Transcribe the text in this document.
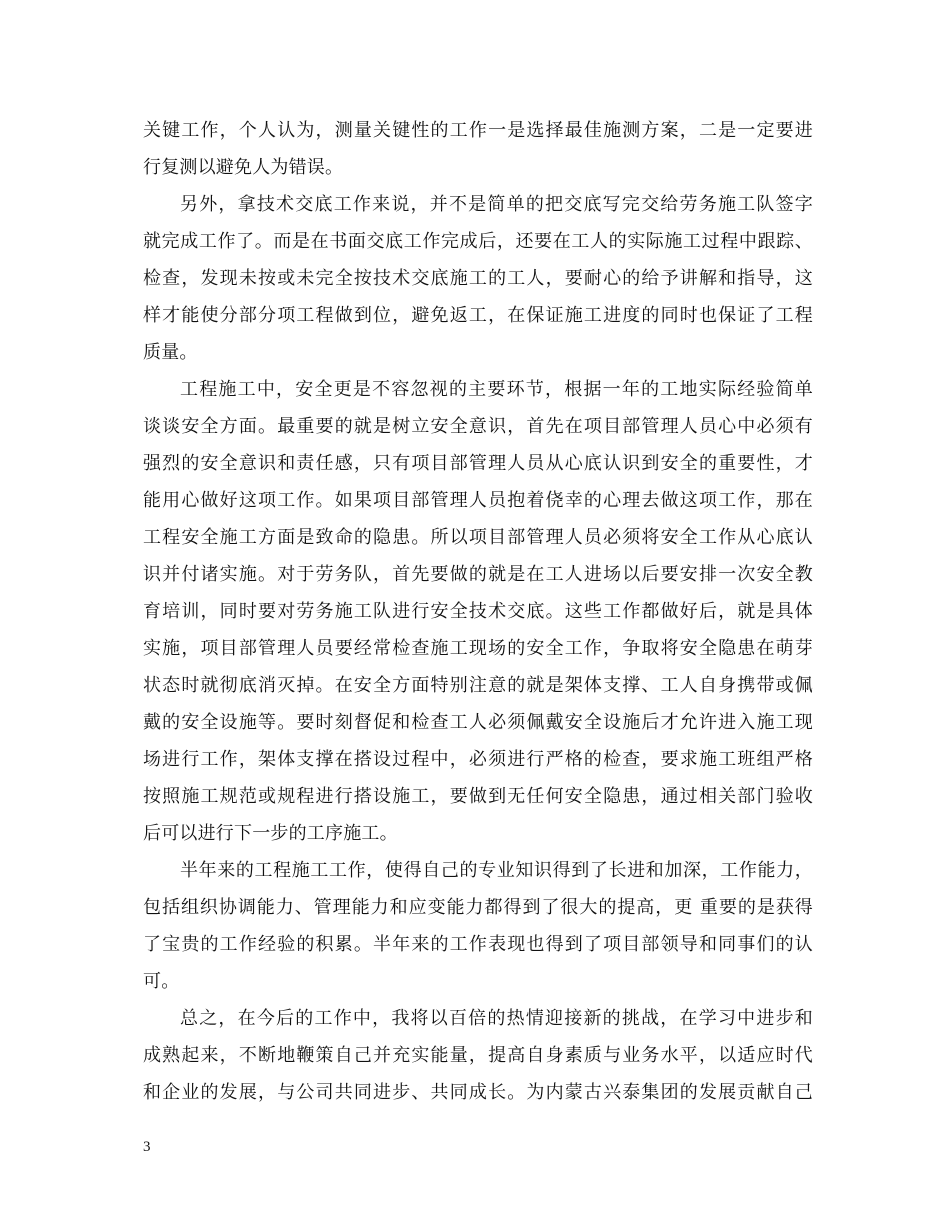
关键工作，个人认为，测量关键性的工作一是选择最佳施测方案，二是一定要进
行复测以避免人为错误。
另外，拿技术交底工作来说，并不是简单的把交底写完交给劳务施工队签字
就完成工作了。而是在书面交底工作完成后，还要在工人的实际施工过程中跟踪、
检查，发现未按或未完全按技术交底施工的工人，要耐心的给予讲解和指导，这
样才能使分部分项工程做到位，避免返工，在保证施工进度的同时也保证了工程
质量。
工程施工中，安全更是不容忽视的主要环节，根据一年的工地实际经验简单
谈谈安全方面。最重要的就是树立安全意识，首先在项目部管理人员心中必须有
强烈的安全意识和责任感，只有项目部管理人员从心底认识到安全的重要性，才
能用心做好这项工作。如果项目部管理人员抱着侥幸的心理去做这项工作，那在
工程安全施工方面是致命的隐患。所以项目部管理人员必须将安全工作从心底认
识并付诸实施。对于劳务队，首先要做的就是在工人进场以后要安排一次安全教
育培训，同时要对劳务施工队进行安全技术交底。这些工作都做好后，就是具体
实施，项目部管理人员要经常检查施工现场的安全工作，争取将安全隐患在萌芽
状态时就彻底消灭掉。在安全方面特别注意的就是架体支撑、工人自身携带或佩
戴的安全设施等。要时刻督促和检查工人必须佩戴安全设施后才允许进入施工现
场进行工作，架体支撑在搭设过程中，必须进行严格的检查，要求施工班组严格
按照施工规范或规程进行搭设施工，要做到无任何安全隐患，通过相关部门验收
后可以进行下一步的工序施工。
半年来的工程施工工作，使得自己的专业知识得到了长进和加深，工作能力，
包括组织协调能力、管理能力和应变能力都得到了很大的提高，更 重要的是获得
了宝贵的工作经验的积累。半年来的工作表现也得到了项目部领导和同事们的认
可。
总之，在今后的工作中，我将以百倍的热情迎接新的挑战，在学习中进步和
成熟起来，不断地鞭策自己并充实能量，提高自身素质与业务水平，以适应时代
和企业的发展，与公司共同进步、共同成长。为内蒙古兴泰集团的发展贡献自己
3
